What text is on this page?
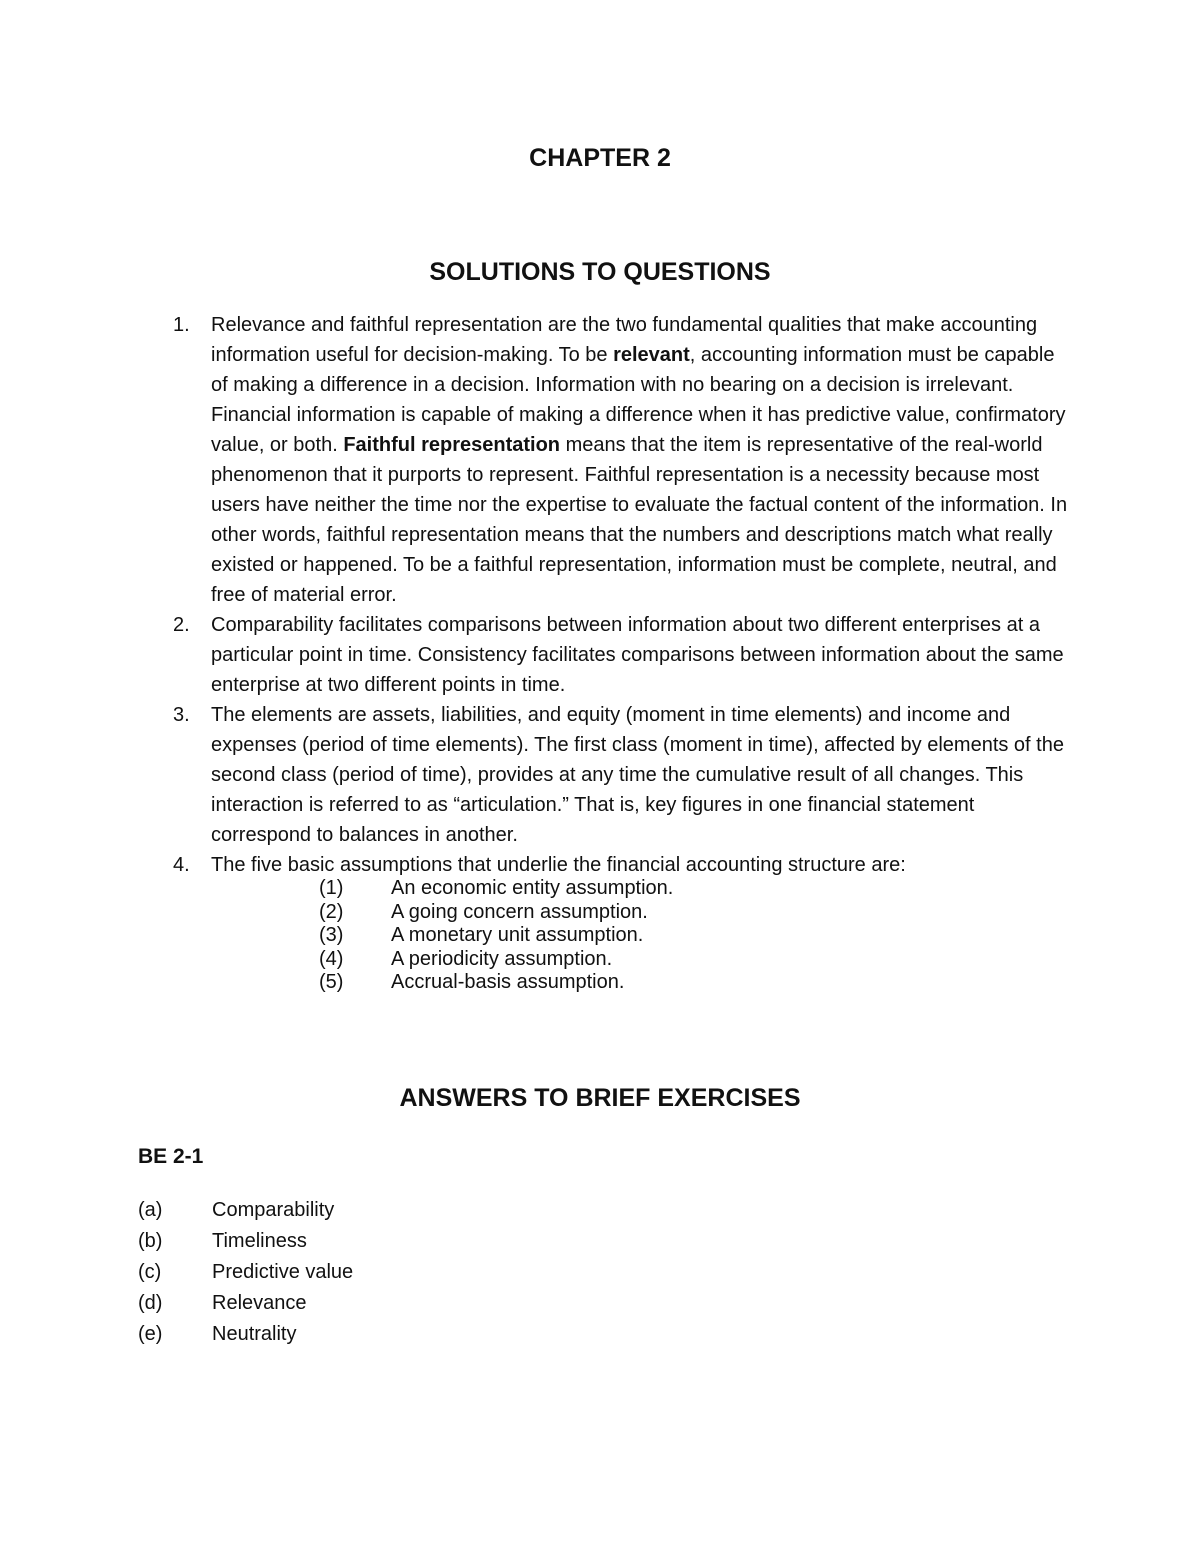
CHAPTER 2
SOLUTIONS TO QUESTIONS
1. Relevance and faithful representation are the two fundamental qualities that make accounting information useful for decision-making. To be relevant, accounting information must be capable of making a difference in a decision. Information with no bearing on a decision is irrelevant. Financial information is capable of making a difference when it has predictive value, confirmatory value, or both. Faithful representation means that the item is representative of the real-world phenomenon that it purports to represent. Faithful representation is a necessity because most users have neither the time nor the expertise to evaluate the factual content of the information. In other words, faithful representation means that the numbers and descriptions match what really existed or happened. To be a faithful representation, information must be complete, neutral, and free of material error.
2. Comparability facilitates comparisons between information about two different enterprises at a particular point in time. Consistency facilitates comparisons between information about the same enterprise at two different points in time.
3. The elements are assets, liabilities, and equity (moment in time elements) and income and expenses (period of time elements). The first class (moment in time), affected by elements of the second class (period of time), provides at any time the cumulative result of all changes. This interaction is referred to as “articulation.” That is, key figures in one financial statement correspond to balances in another.
4. The five basic assumptions that underlie the financial accounting structure are:
(1) An economic entity assumption.
(2) A going concern assumption.
(3) A monetary unit assumption.
(4) A periodicity assumption.
(5) Accrual-basis assumption.
ANSWERS TO BRIEF EXERCISES
BE 2-1
(a) Comparability
(b) Timeliness
(c)	Predictive value
(d) Relevance
(e) Neutrality
